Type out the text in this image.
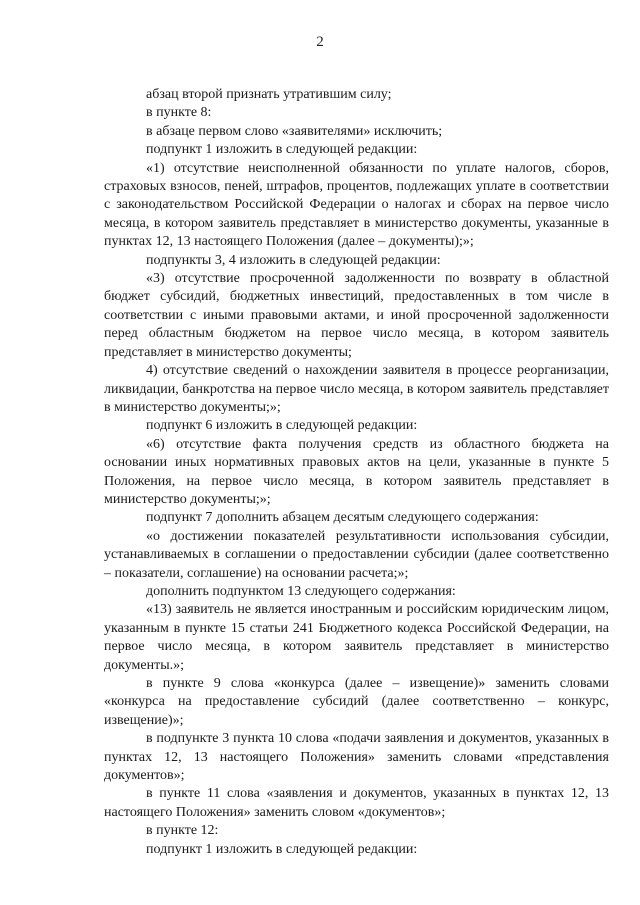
2

абзац второй признать утратившим силу;

в пункте 8:

в абзаце первом слово «заявителями» исключить;

подпункт 1 изложить в следующей редакции:

«1) отсутствие неисполненной обязанности по уплате налогов, сборов, страховых взносов, пеней, штрафов, процентов, подлежащих уплате в соответствии с законодательством Российской Федерации о налогах и сборах на первое число месяца, в котором заявитель представляет в министерство документы, указанные в пунктах 12, 13 настоящего Положения (далее – документы);»;

подпункты 3, 4 изложить в следующей редакции:

«3) отсутствие просроченной задолженности по возврату в областной бюджет субсидий, бюджетных инвестиций, предоставленных в том числе в соответствии с иными правовыми актами, и иной просроченной задолженности перед областным бюджетом на первое число месяца, в котором заявитель представляет в министерство документы;

4) отсутствие сведений о нахождении заявителя в процессе реорганизации, ликвидации, банкротства на первое число месяца, в котором заявитель представляет в министерство документы;»;

подпункт 6 изложить в следующей редакции:

«6) отсутствие факта получения средств из областного бюджета на основании иных нормативных правовых актов на цели, указанные в пункте 5 Положения, на первое число месяца, в котором заявитель представляет в министерство документы;»;

подпункт 7 дополнить абзацем десятым следующего содержания:

«о достижении показателей результативности использования субсидии, устанавливаемых в соглашении о предоставлении субсидии (далее соответственно – показатели, соглашение) на основании расчета;»;

дополнить подпунктом 13 следующего содержания:

«13) заявитель не является иностранным и российским юридическим лицом, указанным в пункте 15 статьи 241 Бюджетного кодекса Российской Федерации, на первое число месяца, в котором заявитель представляет в министерство документы.»;

в пункте 9 слова «конкурса (далее – извещение)» заменить словами «конкурса на предоставление субсидий (далее соответственно – конкурс, извещение)»;

в подпункте 3 пункта 10 слова «подачи заявления и документов, указанных в пунктах 12, 13 настоящего Положения» заменить словами «представления документов»;

в пункте 11 слова «заявления и документов, указанных в пунктах 12, 13 настоящего Положения» заменить словом «документов»;

в пункте 12:

подпункт 1 изложить в следующей редакции:
